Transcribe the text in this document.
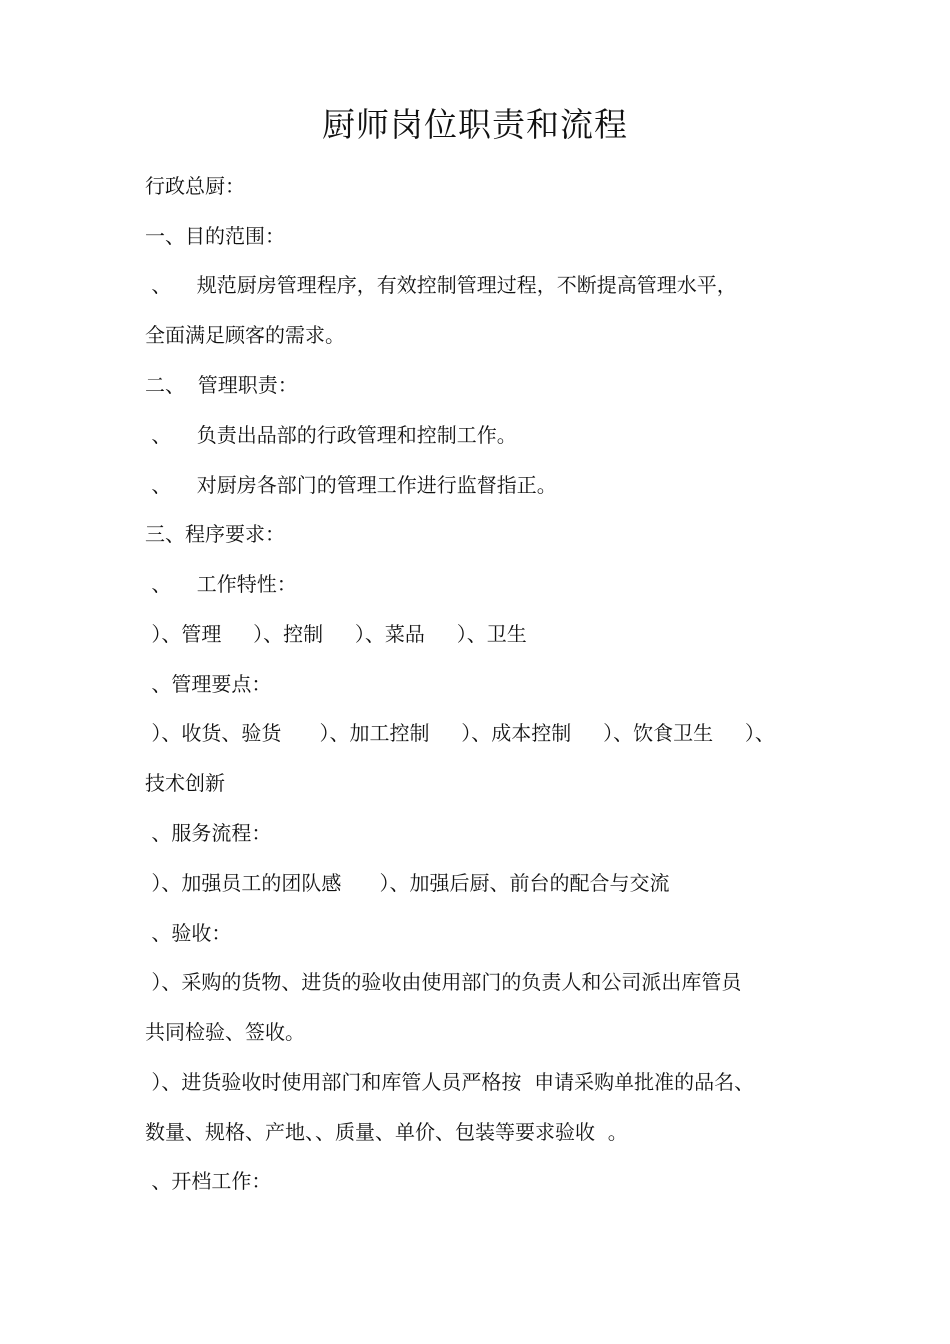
厨师岗位职责和流程
行政总厨：
一、目的范围：
、    规范厨房管理程序，有效控制管理过程，不断提高管理水平，
全面满足顾客的需求。
二、  管理职责：
、    负责出品部的行政管理和控制工作。
、    对厨房各部门的管理工作进行监督指正。
三、程序要求：
、    工作特性：
）、管理     ）、控制     ）、菜品     ）、卫生
、管理要点：
）、收货、验货      ）、加工控制     ）、成本控制     ）、饮食卫生     ）、
技术创新
、服务流程：
）、加强员工的团队感      ）、加强后厨、前台的配合与交流
、验收：
）、采购的货物、进货的验收由使用部门的负责人和公司派出库管员
共同检验、签收。
）、进货验收时使用部门和库管人员严格按  申请采购单批准的品名、
数量、规格、产地、、质量、单价、包装等要求验收  。
、开档工作：
